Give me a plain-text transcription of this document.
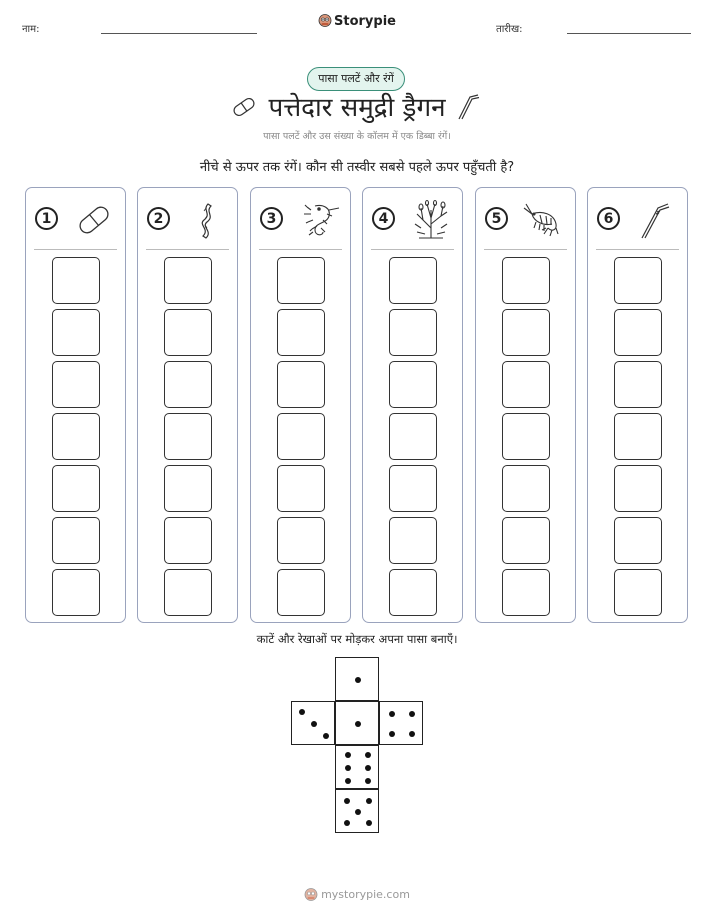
नाम:
Storypie
तारीख:
पासा पलटें और रंगें
पत्तेदार समुद्री ड्रैगन
पासा पलटें और उस संख्या के कॉलम में एक डिब्बा रंगें।
नीचे से ऊपर तक रंगें। कौन सी तस्वीर सबसे पहले ऊपर पहुँचती है?
1	2	3	4	5	6
काटें और रेखाओं पर मोड़कर अपना पासा बनाएँ।
mystorypie.com
